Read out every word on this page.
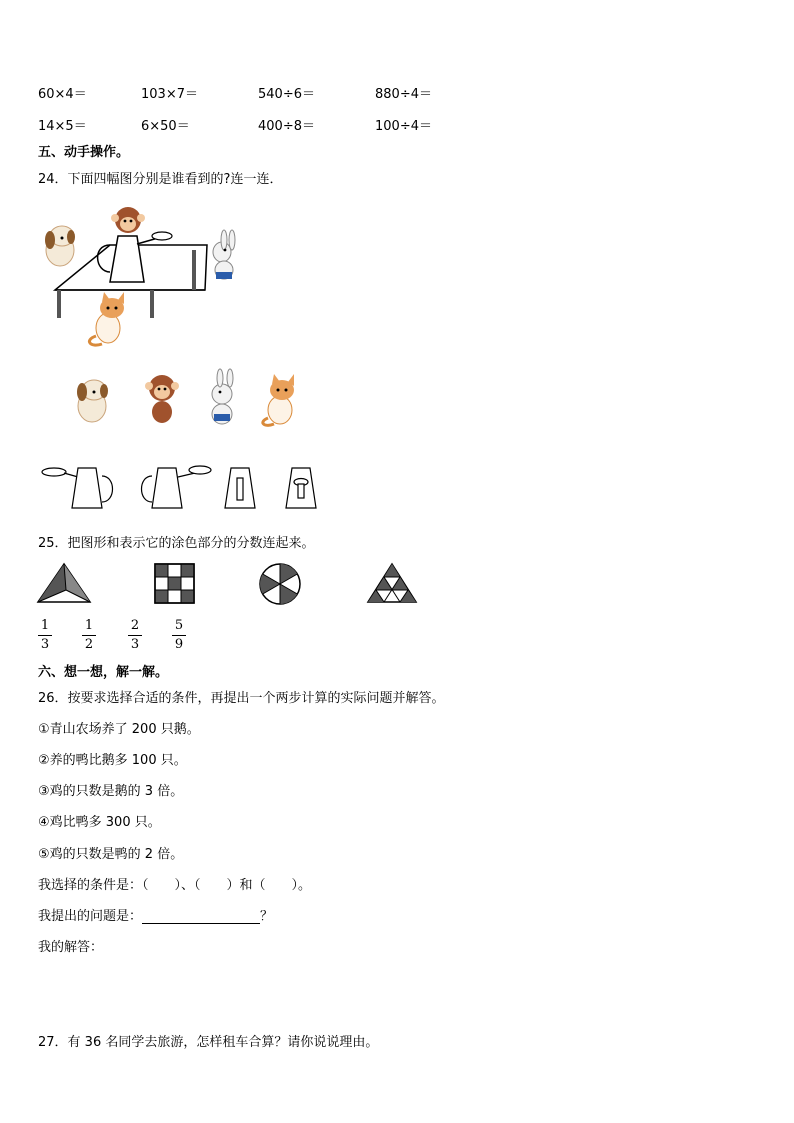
60×4＝	103×7＝	540÷6＝	880÷4＝
14×5＝	6×50＝	400÷8＝	100÷4＝
五、动手操作。
24．下面四幅图分别是谁看到的?连一连．
25．把图形和表示它的涂色部分的分数连起来。
1
3
1
2
2
3
5
9
六、想一想，解一解。
26．按要求选择合适的条件，再提出一个两步计算的实际问题并解答。
①青山农场养了 200 只鹅。
②养的鸭比鹅多 100 只。
③鸡的只数是鹅的 3 倍。
④鸡比鸭多 300 只。
⑤鸡的只数是鸭的 2 倍。
我选择的条件是：（　　）、（　　）和（　　）。
我提出的问题是：	？
我的解答：
27．有 36 名同学去旅游，怎样租车合算？请你说说理由。
